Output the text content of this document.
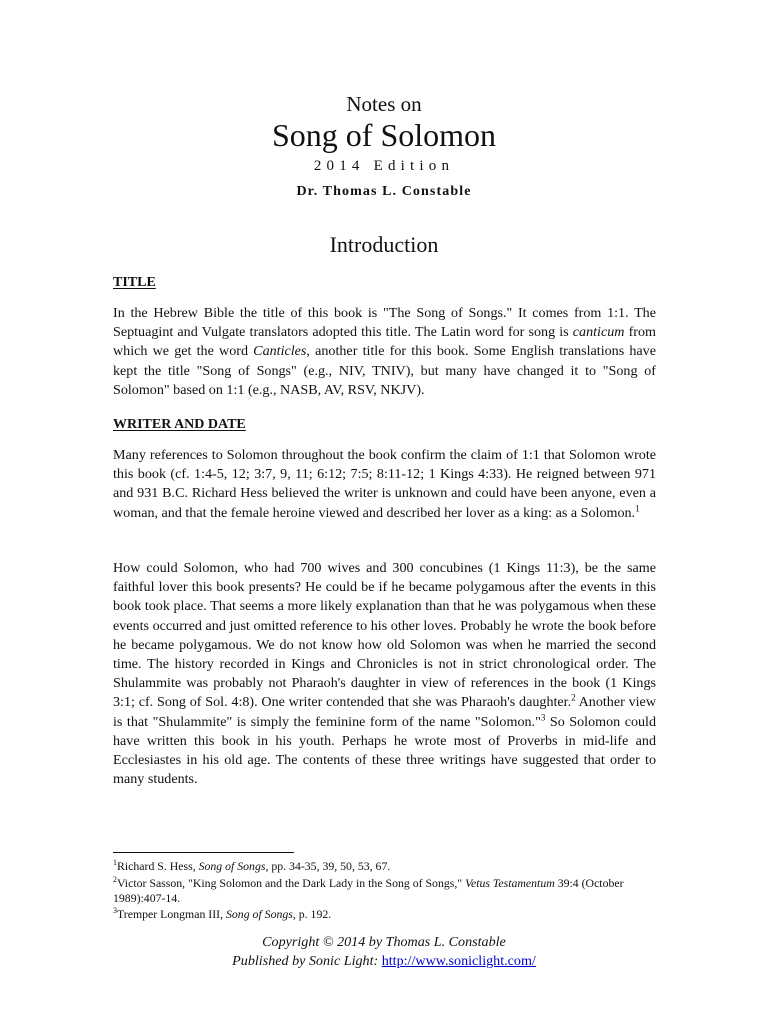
Notes on
Song of Solomon
2014 Edition
Dr. Thomas L. Constable
Introduction
TITLE

In the Hebrew Bible the title of this book is "The Song of Songs." It comes from 1:1. The Septuagint and Vulgate translators adopted this title. The Latin word for song is canticum from which we get the word Canticles, another title for this book. Some English translations have kept the title "Song of Songs" (e.g., NIV, TNIV), but many have changed it to "Song of Solomon" based on 1:1 (e.g., NASB, AV, RSV, NKJV).

WRITER AND DATE

Many references to Solomon throughout the book confirm the claim of 1:1 that Solomon wrote this book (cf. 1:4-5, 12; 3:7, 9, 11; 6:12; 7:5; 8:11-12; 1 Kings 4:33). He reigned between 971 and 931 B.C. Richard Hess believed the writer is unknown and could have been anyone, even a woman, and that the female heroine viewed and described her lover as a king: as a Solomon.$^1$

How could Solomon, who had 700 wives and 300 concubines (1 Kings 11:3), be the same faithful lover this book presents? He could be if he became polygamous after the events in this book took place. That seems a more likely explanation than that he was polygamous when these events occurred and just omitted reference to his other loves. Probably he wrote the book before he became polygamous. We do not know how old Solomon was when he married the second time. The history recorded in Kings and Chronicles is not in strict chronological order. The Shulammite was probably not Pharaoh's daughter in view of references in the book (1 Kings 3:1; cf. Song of Sol. 4:8). One writer contended that she was Pharaoh's daughter.$^2$ Another view is that "Shulammite" is simply the feminine form of the name "Solomon."$^3$ So Solomon could have written this book in his youth. Perhaps he wrote most of Proverbs in mid-life and Ecclesiastes in his old age. The contents of these three writings have suggested that order to many students.

$^1$Richard S. Hess, Song of Songs, pp. 34-35, 39, 50, 53, 67.

$^2$Victor Sasson, "King Solomon and the Dark Lady in the Song of Songs," Vetus Testamentum 39:4 (October 1989):407-14.

$^3$Tremper Longman III, Song of Songs, p. 192.

Copyright © 2014 by Thomas L. Constable
Published by Sonic Light: http://www.soniclight.com/
